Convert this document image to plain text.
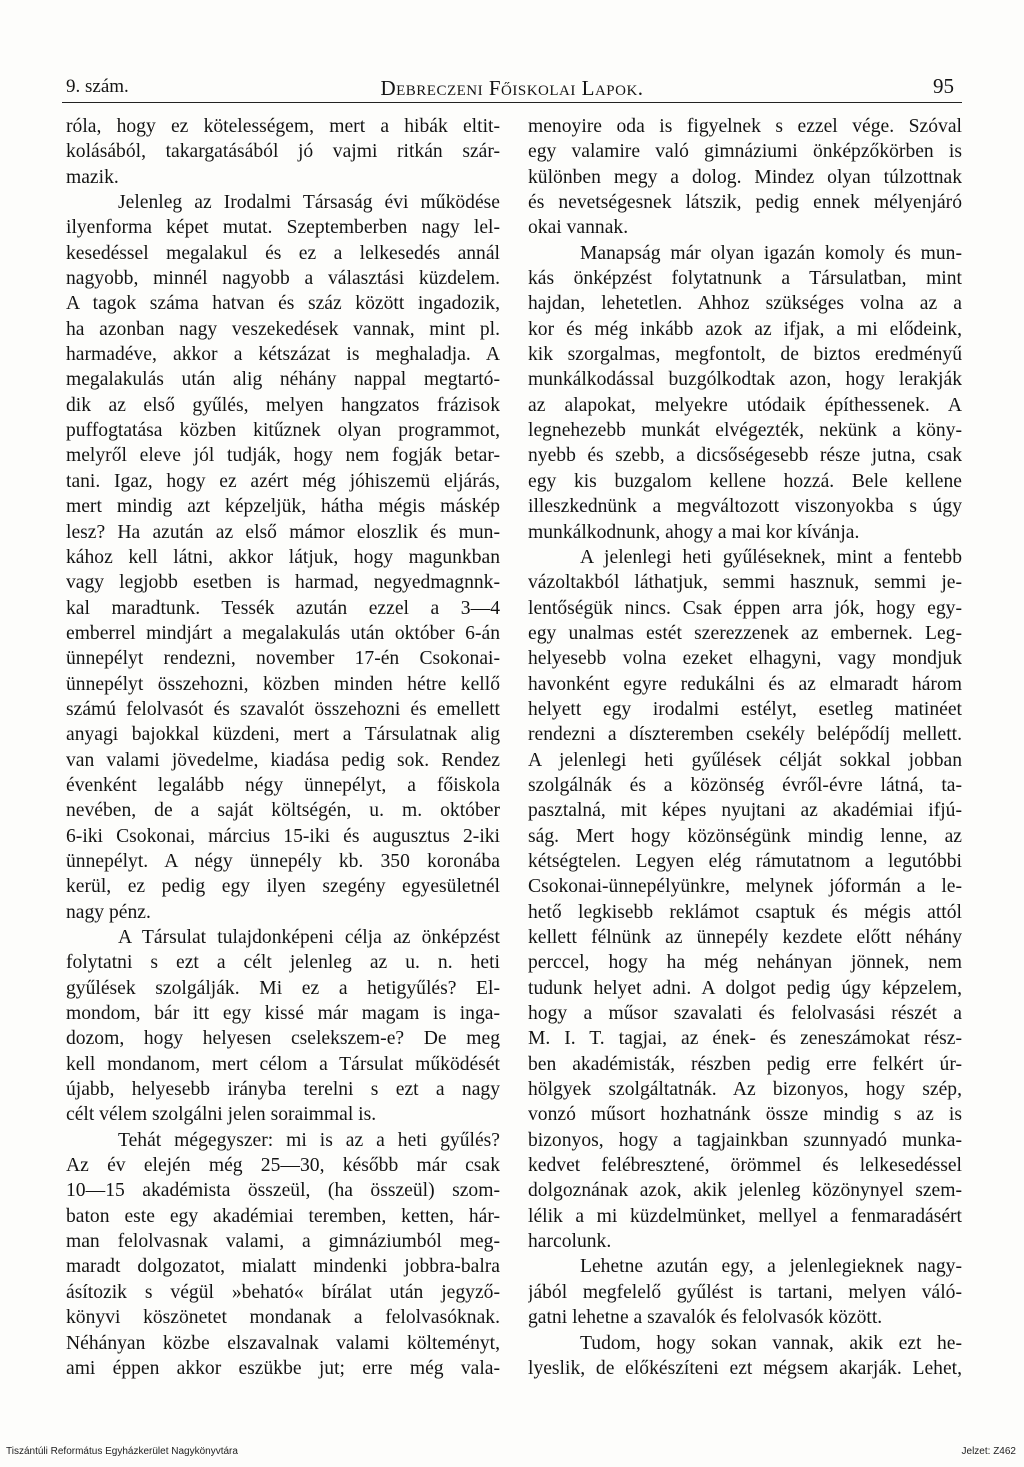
9. szám.	Debreczeni Főiskolai Lapok.	95
róla, hogy ez kötelességem, mert a hibák eltit-
kolásából, takargatásából jó vajmi ritkán szár-
mazik.
Jelenleg az Irodalmi Társaság évi működése
ilyenforma képet mutat. Szeptemberben nagy lel-
kesedéssel megalakul és ez a lelkesedés annál
nagyobb, minnél nagyobb a választási küzdelem.
A tagok száma hatvan és száz között ingadozik,
ha azonban nagy veszekedések vannak, mint pl.
harmadéve, akkor a kétszázat is meghaladja. A
megalakulás után alig néhány nappal megtartó-
dik az első gyűlés, melyen hangzatos frázisok
puffogtatása közben kitűznek olyan programmot,
melyről eleve jól tudják, hogy nem fogják betar-
tani. Igaz, hogy ez azért még jóhiszemü eljárás,
mert mindig azt képzeljük, hátha mégis máskép
lesz? Ha azután az első mámor eloszlik és mun-
kához kell látni, akkor látjuk, hogy magunkban
vagy legjobb esetben is harmad, negyedmagnnk-
kal maradtunk. Tessék azután ezzel a 3—4
emberrel mindjárt a megalakulás után október 6-án
ünnepélyt rendezni, november 17-én Csokonai-
ünnepélyt összehozni, közben minden hétre kellő
számú felolvasót és szavalót összehozni és emellett
anyagi bajokkal küzdeni, mert a Társulatnak alig
van valami jövedelme, kiadása pedig sok. Rendez
évenként legalább négy ünnepélyt, a főiskola
nevében, de a saját költségén, u. m. október
6-iki Csokonai, március 15-iki és augusztus 2-iki
ünnepélyt. A négy ünnepély kb. 350 koronába
kerül, ez pedig egy ilyen szegény egyesületnél
nagy pénz.
A Társulat tulajdonképeni célja az önképzést
folytatni s ezt a célt jelenleg az u. n. heti
gyűlések szolgálják. Mi ez a hetigyűlés? El-
mondom, bár itt egy kissé már magam is inga-
dozom, hogy helyesen cselekszem-e? De meg
kell mondanom, mert célom a Társulat működését
újabb, helyesebb irányba terelni s ezt a nagy
célt vélem szolgálni jelen soraimmal is.
Tehát mégegyszer: mi is az a heti gyűlés?
Az év elején még 25—30, később már csak
10—15 akadémista összeül, (ha összeül) szom-
baton este egy akadémiai teremben, ketten, hár-
man felolvasnak valami, a gimnáziumból meg-
maradt dolgozatot, mialatt mindenki jobbra-balra
ásítozik s végül »beható« bírálat után jegyző-
könyvi köszönetet mondanak a felolvasóknak.
Néhányan közbe elszavalnak valami költeményt,
ami éppen akkor eszükbe jut; erre még vala-
menoyire oda is figyelnek s ezzel vége. Szóval
egy valamire való gimnáziumi önképzőkörben is
különben megy a dolog. Mindez olyan túlzottnak
és nevetségesnek látszik, pedig ennek mélyenjáró
okai vannak.
Manapság már olyan igazán komoly és mun-
kás önképzést folytatnunk a Társulatban, mint
hajdan, lehetetlen. Ahhoz szükséges volna az a
kor és még inkább azok az ifjak, a mi elődeink,
kik szorgalmas, megfontolt, de biztos eredményű
munkálkodással buzgólkodtak azon, hogy lerakják
az alapokat, melyekre utódaik építhessenek. A
legnehezebb munkát elvégezték, nekünk a köny-
nyebb és szebb, a dicsőségesebb része jutna, csak
egy kis buzgalom kellene hozzá. Bele kellene
illeszkednünk a megváltozott viszonyokba s úgy
munkálkodnunk, ahogy a mai kor kívánja.
A jelenlegi heti gyűléseknek, mint a fentebb
vázoltakból láthatjuk, semmi hasznuk, semmi je-
lentőségük nincs. Csak éppen arra jók, hogy egy-
egy unalmas estét szerezzenek az embernek. Leg-
helyesebb volna ezeket elhagyni, vagy mondjuk
havonként egyre redukálni és az elmaradt három
helyett egy irodalmi estélyt, esetleg matinéet
rendezni a díszteremben csekély belépődíj mellett.
A jelenlegi heti gyűlések célját sokkal jobban
szolgálnák és a közönség évről-évre látná, ta-
pasztalná, mit képes nyujtani az akadémiai ifjú-
ság. Mert hogy közönségünk mindig lenne, az
kétségtelen. Legyen elég rámutatnom a legutóbbi
Csokonai-ünnepélyünkre, melynek jóformán a le-
hető legkisebb reklámot csaptuk és mégis attól
kellett félnünk az ünnepély kezdete előtt néhány
perccel, hogy ha még nehányan jönnek, nem
tudunk helyet adni. A dolgot pedig úgy képzelem,
hogy a műsor szavalati és felolvasási részét a
M. I. T. tagjai, az ének- és zeneszámokat rész-
ben akadémisták, részben pedig erre felkért úr-
hölgyek szolgáltatnák. Az bizonyos, hogy szép,
vonzó műsort hozhatnánk össze mindig s az is
bizonyos, hogy a tagjainkban szunnyadó munka-
kedvet felébresztené, örömmel és lelkesedéssel
dolgoznának azok, akik jelenleg közönynyel szem-
lélik a mi küzdelmünket, mellyel a fenmaradásért
harcolunk.
Lehetne azután egy, a jelenlegieknek nagy-
jából megfelelő gyűlést is tartani, melyen váló-
gatni lehetne a szavalók és felolvasók között.
Tudom, hogy sokan vannak, akik ezt he-
lyeslik, de előkészíteni ezt mégsem akarják. Lehet,
Tiszántúli Református Egyházkerület Nagykönyvtára	Jelzet: Z462
